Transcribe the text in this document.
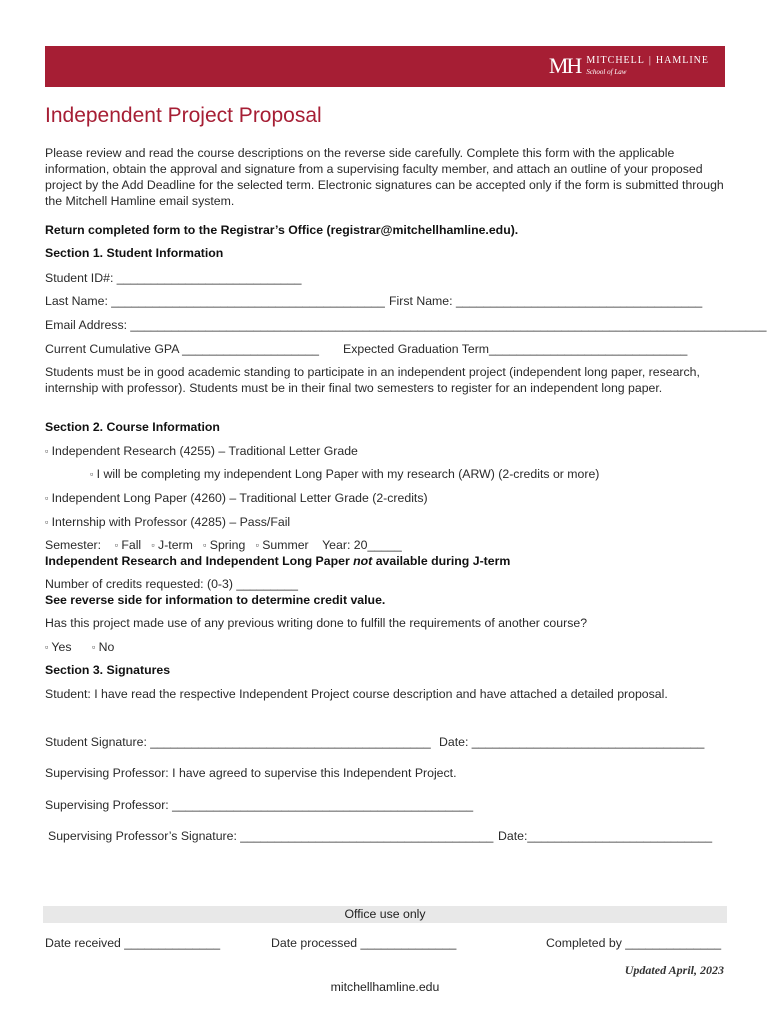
MH MITCHELL | HAMLINE
School of Law
Independent Project Proposal
Please review and read the course descriptions on the reverse side carefully. Complete this form with the applicable information, obtain the approval and signature from a supervising faculty member, and attach an outline of your proposed project by the Add Deadline for the selected term. Electronic signatures can be accepted only if the form is submitted through the Mitchell Hamline email system.
Return completed form to the Registrar’s Office (registrar@mitchellhamline.edu).
Section 1. Student Information
Student ID#: ___________________________
Last Name: ________________________________________ First Name: ____________________________________
Email Address: _____________________________________________________________________________________________
Current Cumulative GPA ____________________ Expected Graduation Term_____________________________
Students must be in good academic standing to participate in an independent project (independent long paper, research, internship with professor). Students must be in their final two semesters to register for an independent long paper.
Section 2. Course Information
▫ Independent Research (4255) – Traditional Letter Grade
▫ I will be completing my independent Long Paper with my research (ARW) (2-credits or more)
▫ Independent Long Paper (4260) – Traditional Letter Grade (2-credits)
▫ Internship with Professor (4285) – Pass/Fail
Semester: ▫ Fall ▫ J-term ▫ Spring ▫ Summer Year: 20_____
Independent Research and Independent Long Paper not available during J-term
Number of credits requested: (0-3) _________
See reverse side for information to determine credit value.
Has this project made use of any previous writing done to fulfill the requirements of another course?
▫ Yes ▫ No
Section 3. Signatures
Student: I have read the respective Independent Project course description and have attached a detailed proposal.
Student Signature: _________________________________________ Date: __________________________________
Supervising Professor: I have agreed to supervise this Independent Project.
Supervising Professor: ____________________________________________
Supervising Professor’s Signature: _____________________________________ Date:___________________________
Office use only
Date received ______________	Date processed ______________	Completed by ______________
Updated April, 2023
mitchellhamline.edu
